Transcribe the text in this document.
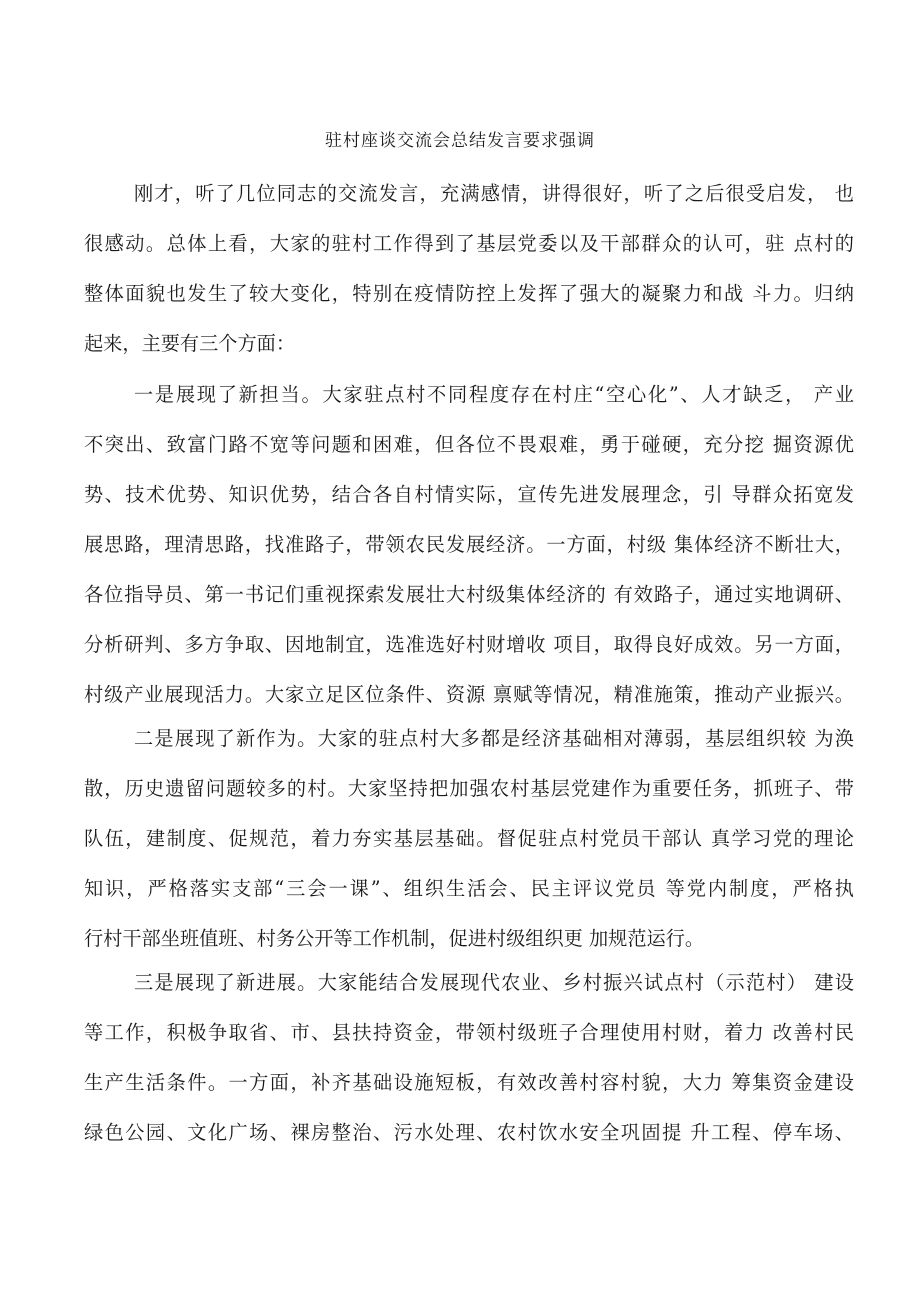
驻村座谈交流会总结发言要求强调
刚才，听了几位同志的交流发言，充满感情，讲得很好，听了之后很受启发， 也
很感动。总体上看，大家的驻村工作得到了基层党委以及干部群众的认可，驻 点村的
整体面貌也发生了较大变化，特别在疫情防控上发挥了强大的凝聚力和战 斗力。归纳
起来，主要有三个方面：
一是展现了新担当。大家驻点村不同程度存在村庄“空心化”、人才缺乏， 产业
不突出、致富门路不宽等问题和困难，但各位不畏艰难，勇于碰硬，充分挖 掘资源优
势、技术优势、知识优势，结合各自村情实际，宣传先进发展理念，引 导群众拓宽发
展思路，理清思路，找准路子，带领农民发展经济。一方面，村级 集体经济不断壮大，
各位指导员、第一书记们重视探索发展壮大村级集体经济的 有效路子，通过实地调研、
分析研判、多方争取、因地制宜，选准选好村财增收 项目，取得良好成效。另一方面，
村级产业展现活力。大家立足区位条件、资源 禀赋等情况，精准施策，推动产业振兴。
二是展现了新作为。大家的驻点村大多都是经济基础相对薄弱，基层组织较 为涣
散，历史遗留问题较多的村。大家坚持把加强农村基层党建作为重要任务，抓班子、带
队伍，建制度、促规范，着力夯实基层基础。督促驻点村党员干部认 真学习党的理论
知识，严格落实支部“三会一课”、组织生活会、民主评议党员 等党内制度，严格执
行村干部坐班值班、村务公开等工作机制，促进村级组织更 加规范运行。
三是展现了新进展。大家能结合发展现代农业、乡村振兴试点村（示范村） 建设
等工作，积极争取省、市、县扶持资金，带领村级班子合理使用村财，着力 改善村民
生产生活条件。一方面，补齐基础设施短板，有效改善村容村貌，大力 筹集资金建设
绿色公园、文化广场、裸房整治、污水处理、农村饮水安全巩固提 升工程、停车场、
